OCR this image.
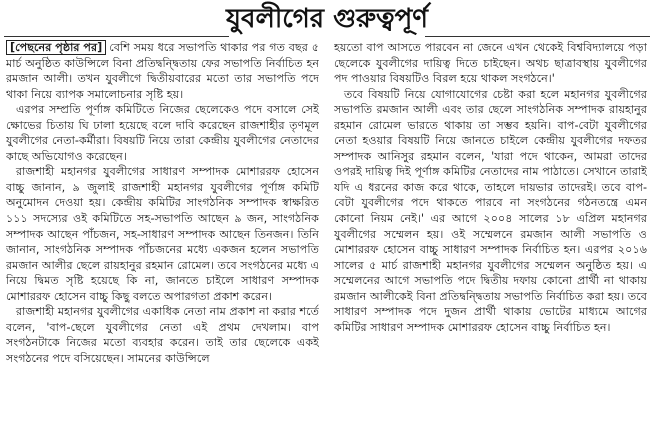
যুবলীগের গুরুত্বপূর্ণ

[পেছনের পৃষ্ঠার পর] বেশি সময় ধরে সভাপতি থাকার পর গত বছর ৫ মার্চ অনুষ্ঠিত কাউন্সিলে বিনা প্রতিদ্বন্দ্বিতায় ফের সভাপতি নির্বাচিত হন রমজান আলী। তখন যুবলীগে দ্বিতীয়বারের মতো তার সভাপতি পদে থাকা নিয়ে ব্যাপক সমালোচনার সৃষ্টি হয়।

এরপর সম্প্রতি পূর্ণাঙ্গ কমিটিতে নিজের ছেলেকেও পদে বসালে সেই ক্ষোভের চিতায় ঘি ঢালা হয়েছে বলে দাবি করেছেন রাজশাহীর তৃণমূল যুবলীগের নেতা-কর্মীরা। বিষয়টি নিয়ে তারা কেন্দ্রীয় যুবলীগের নেতাদের কাছে অভিযোগও করেছেন।

রাজশাহী মহানগর যুবলীগের সাধারণ সম্পাদক মোশাররফ হোসেন বাচ্চু জানান, ৯ জুলাই রাজশাহী মহানগর যুবলীগের পূর্ণাঙ্গ কমিটি অনুমোদন দেওয়া হয়। কেন্দ্রীয় কমিটির সাংগঠনিক সম্পাদক স্বাক্ষরিত ১১১ সদস্যের ওই কমিটিতে সহ-সভাপতি আছেন ৯ জন, সাংগঠনিক সম্পাদক আছেন পাঁচজন, সহ-সাধারণ সম্পাদক আছেন তিনজন। তিনি জানান, সাংগঠনিক সম্পাদক পাঁচজনের মধ্যে একজন হলেন সভাপতি রমজান আলীর ছেলে রায়হানুর রহমান রোমেল। তবে সংগঠনের মধ্যে এ নিয়ে দ্বিমত সৃষ্টি হয়েছে কি না, জানতে চাইলে সাধারণ সম্পাদক মোশাররফ হোসেন বাচ্চু কিছু বলতে অপারগতা প্রকাশ করেন।

রাজশাহী মহানগর যুবলীগের একাধিক নেতা নাম প্রকাশ না করার শর্তে বলেন, 'বাপ-ছেলে যুবলীগের নেতা এই প্রথম দেখলাম। বাপ সংগঠনটাকে নিজের মতো ব্যবহার করেন। তাই তার ছেলেকে একই সংগঠনের পদে বসিয়েছেন। সামনের কাউন্সিলে

হয়তো বাপ আসতে পারবেন না জেনে এখন থেকেই বিশ্ববিদ্যালয়ে পড়া ছেলেকে যুবলীগের দায়িত্ব দিতে চাইছেন। অথচ ছাত্রাবস্থায় যুবলীগের পদ পাওয়ার বিষয়টিও বিরল হয়ে থাকল সংগঠনে।'

তবে বিষয়টি নিয়ে যোগাযোগের চেষ্টা করা হলে মহানগর যুবলীগের সভাপতি রমজান আলী এবং তার ছেলে সাংগঠনিক সম্পাদক রায়হানুর রহমান রোমেল ভারতে থাকায় তা সম্ভব হয়নি। বাপ-বেটা যুবলীগের নেতা হওয়ার বিষয়টি নিয়ে জানতে চাইলে কেন্দ্রীয় যুবলীগের দফতর সম্পাদক আনিসুর রহমান বলেন, 'যারা পদে থাকেন, আমরা তাদের ওপরই দায়িত্ব দিই পূর্ণাঙ্গ কমিটির নেতাদের নাম পাঠাতে। সেখানে তারাই যদি এ ধরনের কাজ করে থাকে, তাহলে দায়ভার তাদেরই। তবে বাপ-বেটা যুবলীগের পদে থাকতে পারবে না সংগঠনের গঠনতন্ত্রে এমন কোনো নিয়ম নেই।' এর আগে ২০০৪ সালের ১৮ এপ্রিল মহানগর যুবলীগের সম্মেলন হয়। ওই সম্মেলনে রমজান আলী সভাপতি ও মোশাররফ হোসেন বাচ্চু সাধারণ সম্পাদক নির্বাচিত হন। এরপর ২০১৬ সালের ৫ মার্চ রাজশাহী মহানগর যুবলীগের সম্মেলন অনুষ্ঠিত হয়। এ সম্মেলনের আগে সভাপতি পদে দ্বিতীয় দফায় কোনো প্রার্থী না থাকায় রমজান আলীকেই বিনা প্রতিদ্বন্দ্বিতায় সভাপতি নির্বাচিত করা হয়। তবে সাধারণ সম্পাদক পদে দুজন প্রার্থী থাকায় ভোটের মাধ্যমে আগের কমিটির সাধারণ সম্পাদক মোশাররফ হোসেন বাচ্চু নির্বাচিত হন।
